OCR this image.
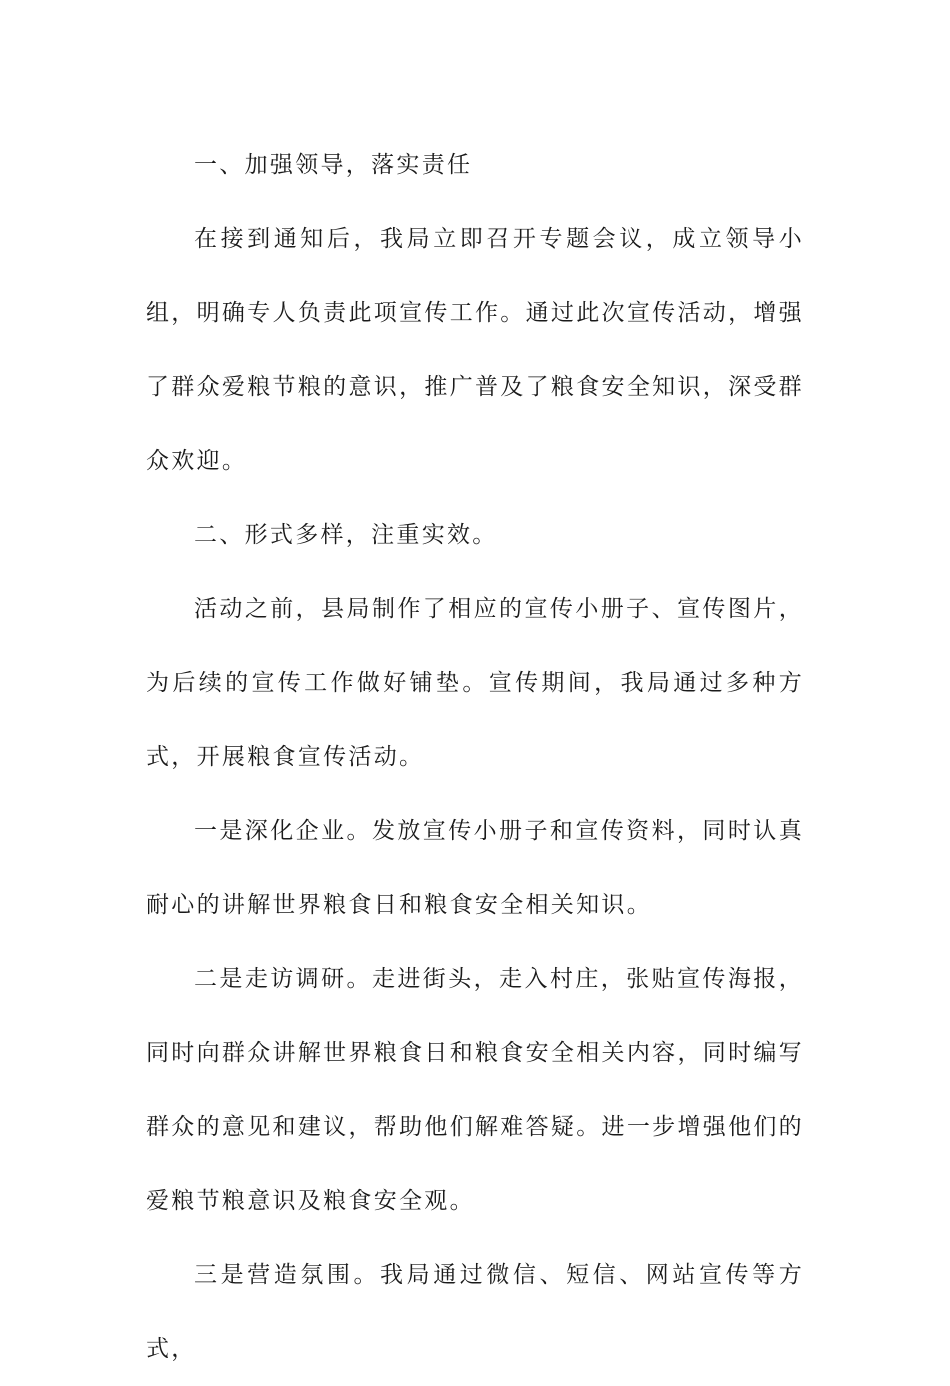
一、加强领导，落实责任

在接到通知后，我局立即召开专题会议，成立领导小组，明确专人负责此项宣传工作。通过此次宣传活动，增强了群众爱粮节粮的意识，推广普及了粮食安全知识，深受群众欢迎。

二、形式多样，注重实效。

活动之前，县局制作了相应的宣传小册子、宣传图片，为后续的宣传工作做好铺垫。宣传期间，我局通过多种方式，开展粮食宣传活动。

一是深化企业。发放宣传小册子和宣传资料，同时认真耐心的讲解世界粮食日和粮食安全相关知识。

二是走访调研。走进街头，走入村庄，张贴宣传海报，同时向群众讲解世界粮食日和粮食安全相关内容，同时编写群众的意见和建议，帮助他们解难答疑。进一步增强他们的爱粮节粮意识及粮食安全观。

三是营造氛围。我局通过微信、短信、网站宣传等方式，
